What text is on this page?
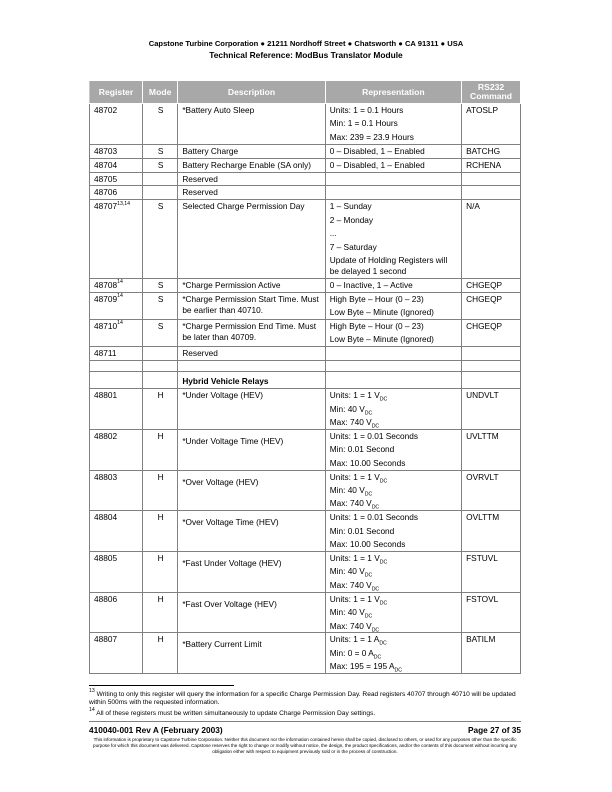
Capstone Turbine Corporation ● 21211 Nordhoff Street ● Chatsworth ● CA 91311 ● USA
Technical Reference: ModBus Translator Module
Register	Mode	Description	Representation	RS232
Command
48702	S	*Battery Auto Sleep	Units: 1 = 0.1 Hours
Min: 1 = 0.1 Hours
Max: 239 = 23.9 Hours	ATOSLP
48703	S	Battery Charge	0 – Disabled, 1 – Enabled	BATCHG
48704	S	Battery Recharge Enable (SA only)	0 – Disabled, 1 – Enabled	RCHENA
48705		Reserved	

48706		Reserved	

48707$^{13,14}$	S	Selected Charge Permission Day	1 – Sunday
2 – Monday
...
7 – Saturday
Update of Holding Registers will be delayed 1 second	N/A
48708$^{14}$	S	*Charge Permission Active	0 – Inactive, 1 – Active	CHGEQP
48709$^{14}$	S	*Charge Permission Start Time. Must be earlier than 40710.	High Byte – Hour (0 – 23)
Low Byte – Minute (Ignored)	CHGEQP
48710$^{14}$	S	*Charge Permission End Time. Must be later than 40709.	High Byte – Hour (0 – 23)
Low Byte – Minute (Ignored)	CHGEQP
48711		Reserved	

		Hybrid Vehicle Relays		
48801	H	*Under Voltage (HEV)	Units: 1 = 1 $V_{DC}$
Min: 40 $V_{DC}$
Max: 740 $V_{DC}$	UNDVLT
48802	H	*Under Voltage Time (HEV)	Units: 1 = 0.01 Seconds
Min: 0.01 Second
Max: 10.00 Seconds	UVLTTM
48803	H	*Over Voltage (HEV)	Units: 1 = 1 $V_{DC}$
Min: 40 $V_{DC}$
Max: 740 $V_{DC}$	OVRVLT
48804	H	*Over Voltage Time (HEV)	Units: 1 = 0.01 Seconds
Min: 0.01 Second
Max: 10.00 Seconds	OVLTTM
48805	H	*Fast Under Voltage (HEV)	Units: 1 = 1 $V_{DC}$
Min: 40 $V_{DC}$
Max: 740 $V_{DC}$	FSTUVL
48806	H	*Fast Over Voltage (HEV)	Units: 1 = 1 $V_{DC}$
Min: 40 $V_{DC}$
Max: 740 $V_{DC}$	FSTOVL
48807	H	*Battery Current Limit	Units: 1 = 1 $A_{DC}$
Min: 0 = 0 $A_{DC}$
Max: 195 = 195 $A_{DC}$	BATILM
$^{13}$ Writing to only this register will query the information for a specific Charge Permission Day. Read registers 40707 through 40710 will be updated within 500ms with the requested information.
$^{14}$ All of these registers must be written simultaneously to update Charge Permission Day settings.
410040-001 Rev A (February 2003)	Page 27 of 35
This information is proprietary to Capstone Turbine Corporation. Neither this document nor the information contained herein shall be copied, disclosed to others, or used for any purposes other than the specific purpose for which this document was delivered. Capstone reserves the right to change or modify without notice, the design, the product specifications, and/or the contents of this document without incurring any obligation either with respect to equipment previously sold or in the process of construction.
